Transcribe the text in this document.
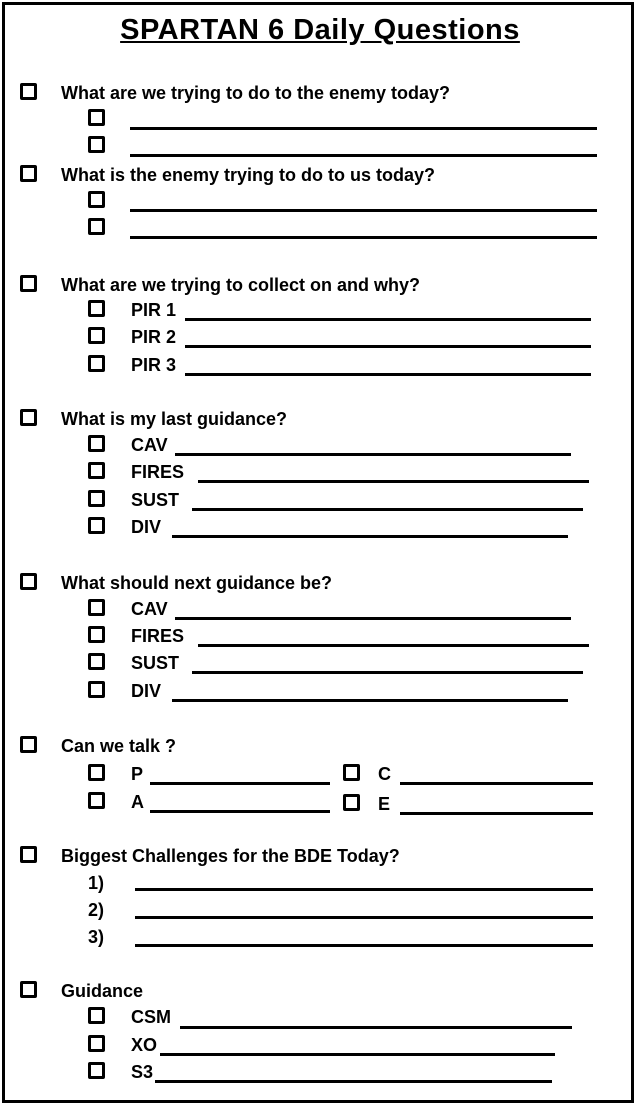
SPARTAN 6 Daily Questions
What are we trying to do to the enemy today?
What is the enemy trying to do to us today?
What are we trying to collect on and why?
PIR 1
PIR 2
PIR 3
What is my last guidance?
CAV
FIRES
SUST
DIV
What should next guidance be?
CAV
FIRES
SUST
DIV
Can we talk ?
P	C
A	E
Biggest Challenges for the BDE Today?
1)
2)
3)
Guidance
CSM
XO
S3
